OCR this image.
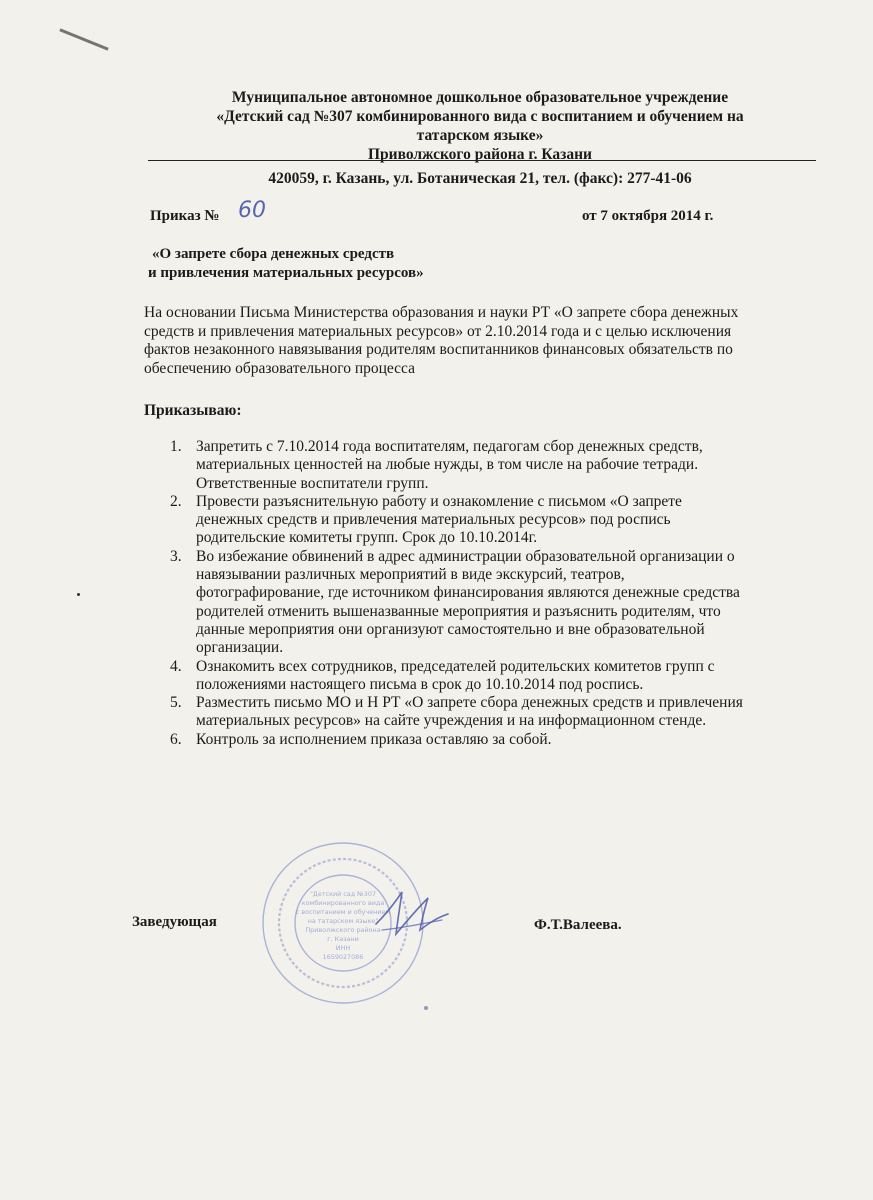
Муниципальное автономное дошкольное образовательное учреждение
«Детский сад №307 комбинированного вида с воспитанием и обучением на
татарском языке»
Приволжского района г. Казани
420059, г. Казань, ул. Ботаническая 21, тел. (факс): 277-41-06
Приказ № 60	от 7 октября 2014 г.
«О запрете сбора денежных средств
и привлечения материальных ресурсов»
На основании Письма Министерства образования и науки РТ «О запрете сбора денежных
средств и привлечения материальных ресурсов» от 2.10.2014 года и с целью исключения
фактов незаконного навязывания родителям воспитанников финансовых обязательств по
обеспечению образовательного процесса
Приказываю:
1. Запретить с 7.10.2014 года воспитателям, педагогам сбор денежных средств,
материальных ценностей на любые нужды, в том числе на рабочие тетради.
Ответственные воспитатели групп.
2. Провести разъяснительную работу и ознакомление с письмом «О запрете
денежных средств и привлечения материальных ресурсов» под роспись
родительские комитеты групп. Срок до 10.10.2014г.
3. Во избежание обвинений в адрес администрации образовательной организации о
навязывании различных мероприятий в виде экскурсий, театров,
фотографирование, где источником финансирования являются денежные средства
родителей отменить вышеназванные мероприятия и разъяснить родителям, что
данные мероприятия они организуют самостоятельно и вне образовательной
организации.
4. Ознакомить всех сотрудников, председателей родительских комитетов групп с
положениями настоящего письма в срок до 10.10.2014 под роспись.
5. Разместить письмо МО и Н РТ «О запрете сбора денежных средств и привлечения
материальных ресурсов» на сайте учреждения и на информационном стенде.
6. Контроль за исполнением приказа оставляю за собой.
"Детский сад №307
комбинированного вида
с воспитанием и обучением
на татарском языке"
Приволжского района
г. Казани
ИНН
1659027086
Заведующая	Ф.Т.Валеева.
